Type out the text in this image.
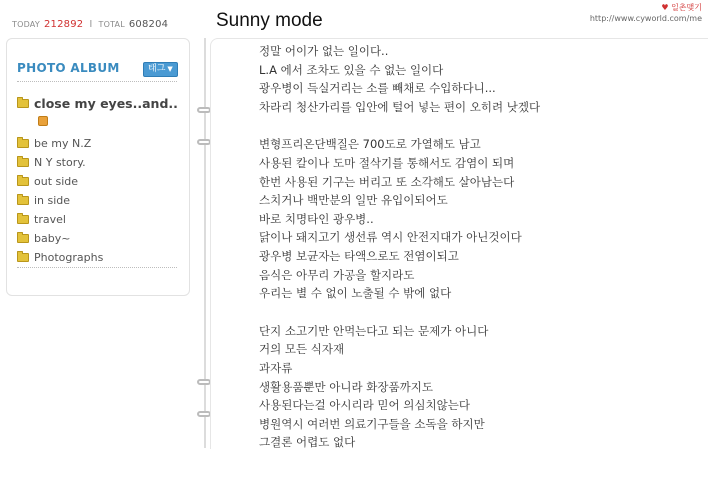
TODAY 212892 I TOTAL 608204	Sunny mode
♥ 일촌맺기
http://www.cyworld.com/me
PHOTO ALBUM	태그 ▼
close my eyes..and..
be my N.Z
N Y story.
out side
in side
travel
baby~
Photographs

정말 어이가 없는 일이다..

L.A 에서 조차도 있을 수 없는 일이다

광우병이 득실거리는 소를 빼채로 수입하다니...

차라리 청산가리를 입안에 털어 넣는 편이 오히려 낫겠다

변형프리온단백질은 700도로 가열해도 남고

사용된 칼이나 도마 절삭기를 통해서도 감염이 되며

한번 사용된 기구는 버리고 또 소각해도 살아남는다

스치거나 백만분의 일만 유입이되어도

바로 치명타인 광우병..

닭이나 돼지고기 생선류 역시 안전지대가 아닌것이다

광우병 보균자는 타액으로도 전염이되고

음식은 아무리 가공을 할지라도

우리는 별 수 없이 노출될 수 밖에 없다

단지 소고기만 안먹는다고 되는 문제가 아니다

거의 모든 식자재

과자류

생활용품뿐만 아니라 화장품까지도

사용된다는걸 아시리라 믿어 의심치않는다

병원역시 여러번 의료기구들을 소독을 하지만

그결론 어렵도 없다
